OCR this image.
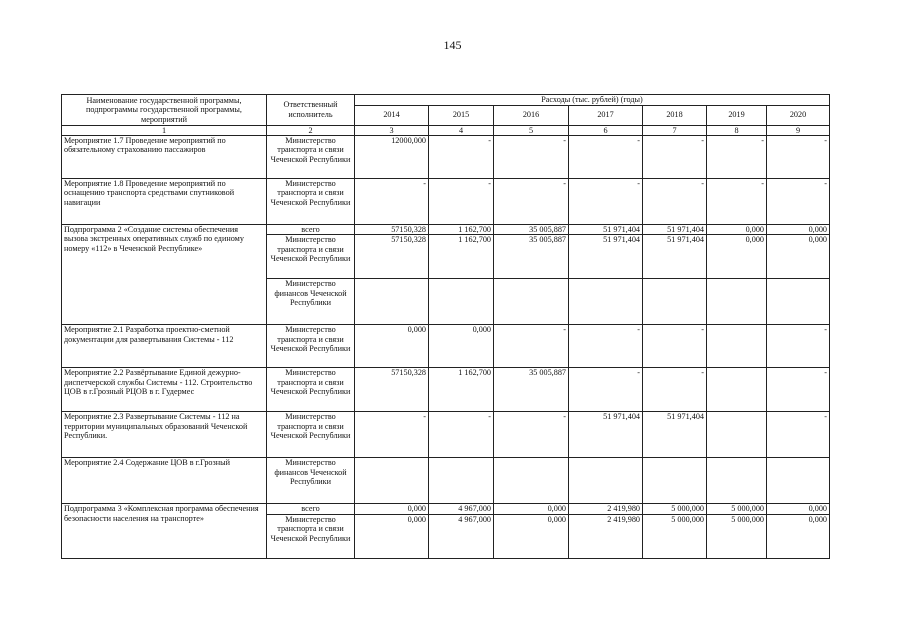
145
Наименование государственной программы, подпрограммы государственной программы, мероприятий	Ответственный исполнитель	Расходы (тыс. рублей) (годы)						
		2014	2015	2016	2017	2018	2019	2020
1	2	3	4	5	6	7	8	9
Мероприятие 1.7 Проведение мероприятий по обязательному страхованию пассажиров	Министерство транспорта и связи Чеченской Республики	12000,000	-	-	-	-	-	-
Мероприятие 1.8 Проведение мероприятий по оснащению транспорта средствами спутниковой навигации	Министерство транспорта и связи Чеченской Республики	-	-	-	-	-	-	-
Подпрограмма 2 «Создание системы обеспечения вызова экстренных оперативных служб по единому номеру «112» в Чеченской Республике»	всего	57150,328	1 162,700	35 005,887	51 971,404	51 971,404	0,000	0,000
	Министерство транспорта и связи Чеченской Республики	57150,328	1 162,700	35 005,887	51 971,404	51 971,404	0,000	0,000
	Министерство финансов Чеченской Республики							
Мероприятие 2.1 Разработка проектно-сметной документации для развертывания Системы - 112	Министерство транспорта и связи Чеченской Республики	0,000	0,000	-	-	-		-
Мероприятие 2.2 Развёртывание Единой дежурно-диспетчерской службы Системы - 112. Строительство ЦОВ в г.Грозный РЦОВ в г. Гудермес	Министерство транспорта и связи Чеченской Республики	57150,328	1 162,700	35 005,887	-	-		-
Мероприятие 2.3 Развертывание Системы - 112 на территории муниципальных образований Чеченской Республики.	Министерство транспорта и связи Чеченской Республики	-	-	-	51 971,404	51 971,404		-
Мероприятие 2.4 Содержание ЦОВ в г.Грозный	Министерство финансов Чеченской Республики							
Подпрограмма 3 «Комплексная программа обеспечения безопасности населения на транспорте»	всего	0,000	4 967,000	0,000	2 419,980	5 000,000	5 000,000	0,000
	Министерство транспорта и связи Чеченской Республики	0,000	4 967,000	0,000	2 419,980	5 000,000	5 000,000	0,000
